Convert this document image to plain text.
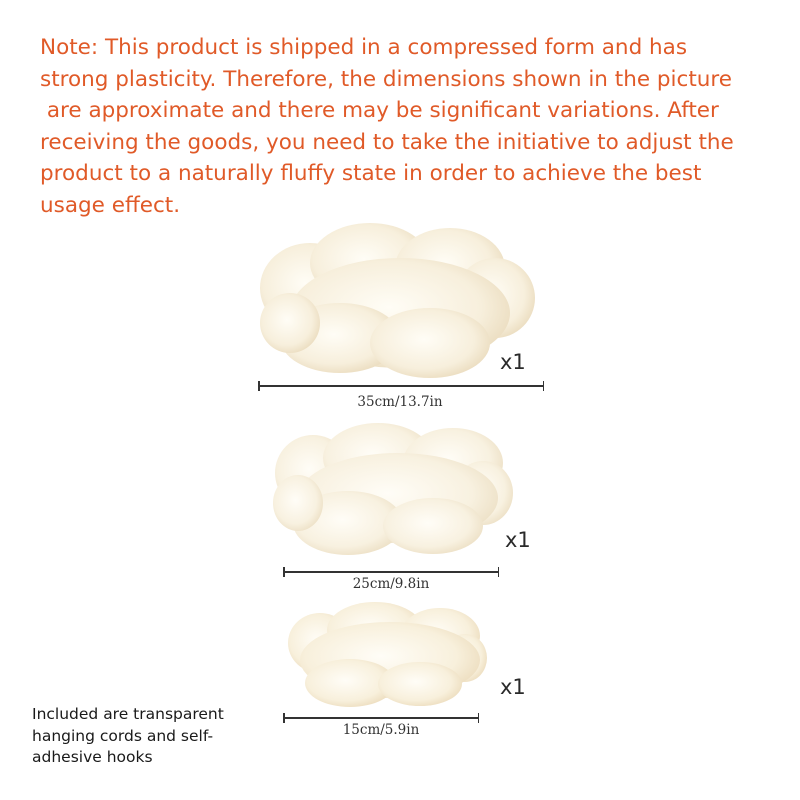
Note: This product is shipped in a compressed form and has
strong plasticity. Therefore, the dimensions shown in the picture
are approximate and there may be significant variations. After
receiving the goods, you need to take the initiative to adjust the
product to a naturally fluffy state in order to achieve the best
usage effect.
x1
35cm/13.7in
x1
25cm/9.8in
x1
15cm/5.9in
Included are transparent
hanging cords and self-
adhesive hooks
